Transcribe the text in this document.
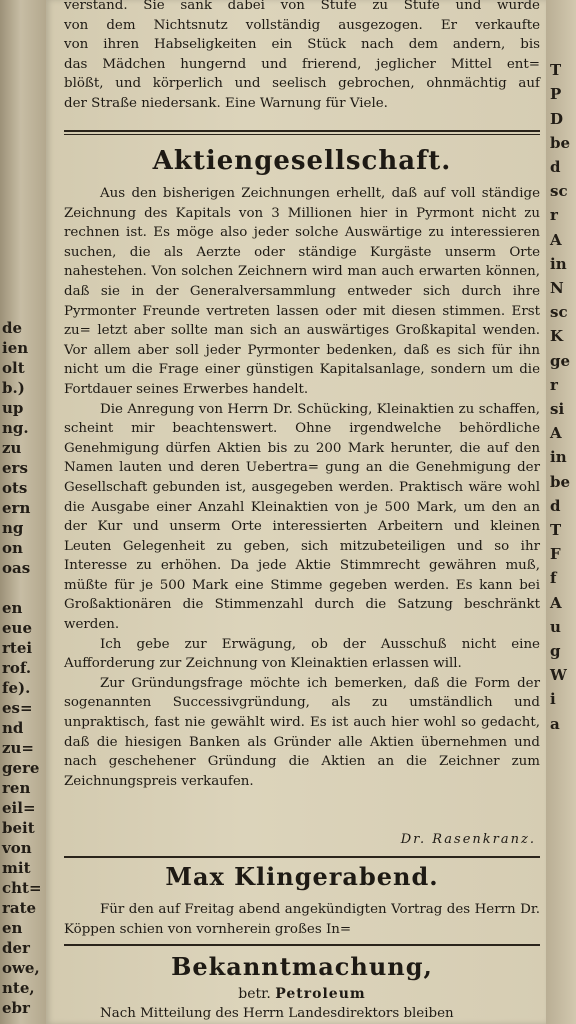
de
ien
olt
b.)
up
ng.
zu
ers
ots
ern
ng
on
oas
en
eue
rtei
rof.
fe).
es=
nd
zu=
gere
ren
eil=
beit
von
mit
cht=
rate
en
der
owe,
nte,
ebr
T
P
D
be
d
sc
r
A
in
N
sc
K
ge
r
si
A
in
be
d
T
F
f
A
u
g
W
i
a
verstand. Sie sank dabei von Stufe zu Stufe und wurde
von dem Nichtsnutz vollständig ausgezogen. Er verkaufte
von ihren Habseligkeiten ein Stück nach dem andern, bis
das Mädchen hungernd und frierend, jeglicher Mittel ent=
blößt, und körperlich und seelisch gebrochen, ohnmächtig auf
der Straße niedersank. Eine Warnung für Viele.
Aktiengesellschaft.

Aus den bisherigen Zeichnungen erhellt, daß auf voll ständige Zeichnung des Kapitals von 3 Millionen hier in Pyrmont nicht zu rechnen ist. Es möge also jeder solche Auswärtige zu interessieren suchen, die als Aerzte oder ständige Kurgäste unserm Orte nahestehen. Von solchen Zeichnern wird man auch erwarten können, daß sie in der Generalversammlung entweder sich durch ihre Pyrmonter Freunde vertreten lassen oder mit diesen stimmen. Erst zu= letzt aber sollte man sich an auswärtiges Großkapital wenden. Vor allem aber soll jeder Pyrmonter bedenken, daß es sich für ihn nicht um die Frage einer günstigen Kapitalsanlage, sondern um die Fortdauer seines Erwerbes handelt.

Die Anregung von Herrn Dr. Schücking, Kleinaktien zu schaffen, scheint mir beachtenswert. Ohne irgendwelche behördliche Genehmigung dürfen Aktien bis zu 200 Mark herunter, die auf den Namen lauten und deren Uebertra= gung an die Genehmigung der Gesellschaft gebunden ist, ausgegeben werden. Praktisch wäre wohl die Ausgabe einer Anzahl Kleinaktien von je 500 Mark, um den an der Kur und unserm Orte interessierten Arbeitern und kleinen Leuten Gelegenheit zu geben, sich mitzubeteiligen und so ihr Interesse zu erhöhen. Da jede Aktie Stimmrecht gewähren muß, müßte für je 500 Mark eine Stimme gegeben werden. Es kann bei Großaktionären die Stimmenzahl durch die Satzung beschränkt werden.

Ich gebe zur Erwägung, ob der Ausschuß nicht eine Aufforderung zur Zeichnung von Kleinaktien erlassen will.

Zur Gründungsfrage möchte ich bemerken, daß die Form der sogenannten Successivgründung, als zu umständlich und unpraktisch, fast nie gewählt wird. Es ist auch hier wohl so gedacht, daß die hiesigen Banken als Gründer alle Aktien übernehmen und nach geschehener Gründung die Aktien an die Zeichner zum Zeichnungspreis verkaufen.

Dr. Rasenkranz.
Max Klingerabend.

Für den auf Freitag abend angekündigten Vortrag des Herrn Dr. Köppen schien von vornherein großes In=

Bekanntmachung,
betr. Petroleum

Nach Mitteilung des Herrn Landesdirektors bleiben
